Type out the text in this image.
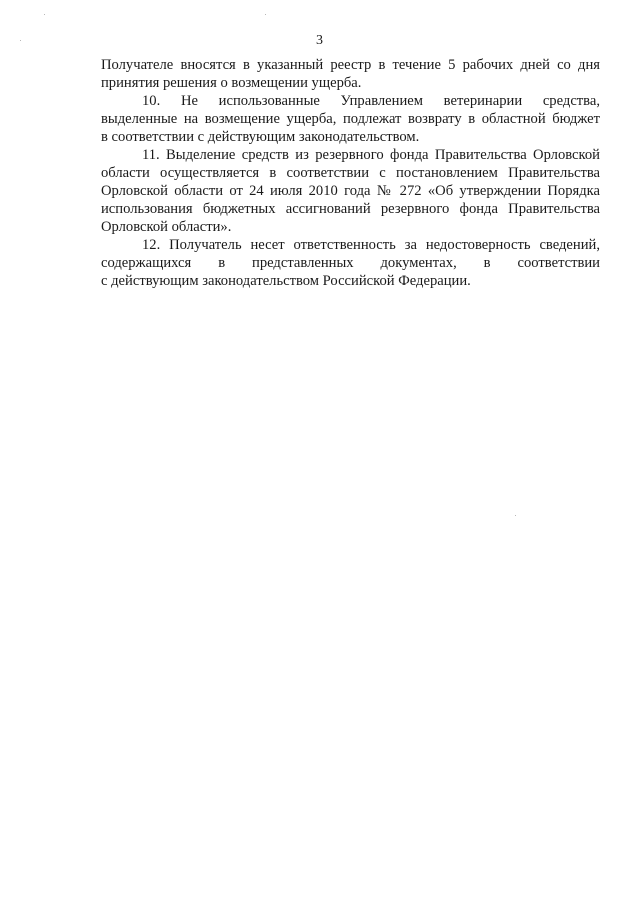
3

Получателе вносятся в указанный реестр в течение 5 рабочих дней со дня
принятия решения о возмещении ущерба.

10. Не использованные Управлением ветеринарии средства,
выделенные на возмещение ущерба, подлежат возврату в областной бюджет
в соответствии с действующим законодательством.

11. Выделение средств из резервного фонда Правительства Орловской
области осуществляется в соответствии с постановлением Правительства
Орловской области от 24 июля 2010 года № 272 «Об утверждении Порядка
использования бюджетных ассигнований резервного фонда Правительства
Орловской области».

12. Получатель несет ответственность за недостоверность сведений,
содержащихся в представленных документах, в соответствии
с действующим законодательством Российской Федерации.
